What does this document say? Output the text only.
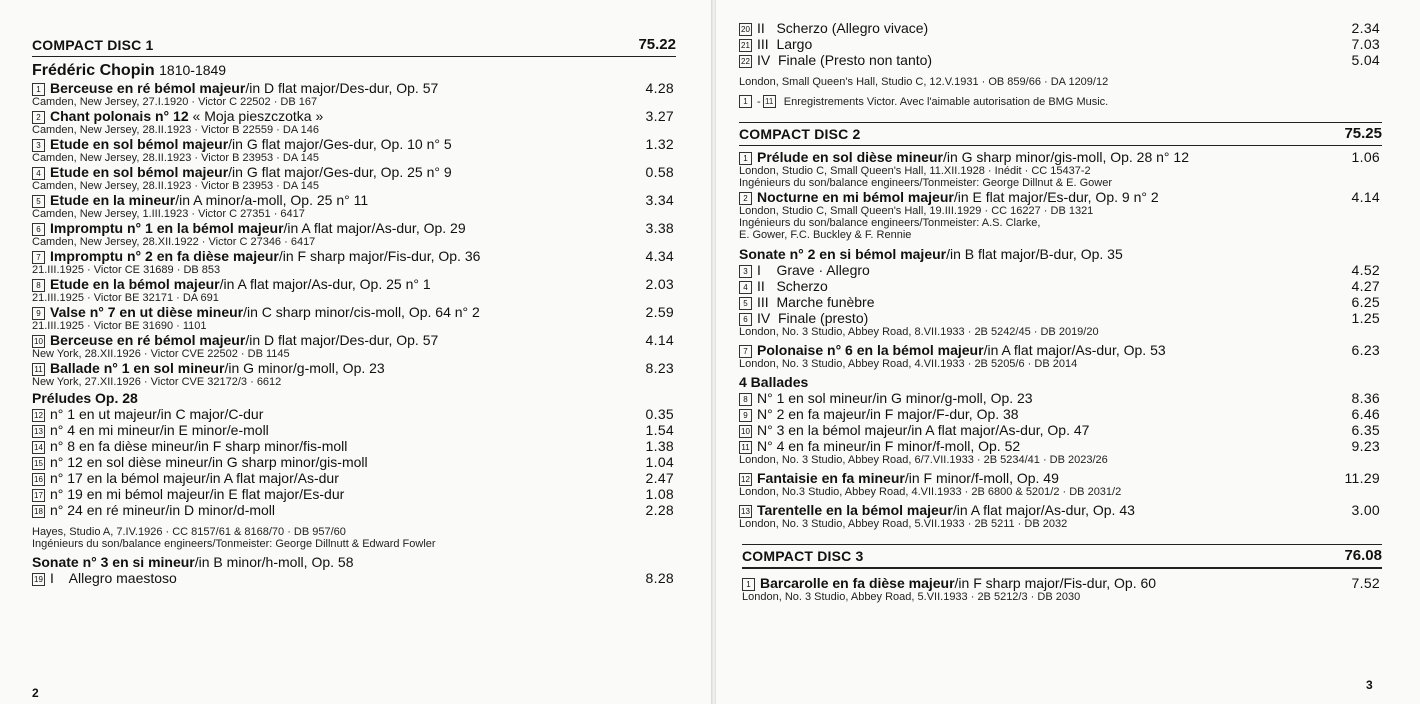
COMPACT DISC 1	75.22
Frédéric Chopin 1810-1849
1 Berceuse en ré bémol majeur/in D flat major/Des-dur, Op. 57	4.28
Camden, New Jersey, 27.I.1920 · Victor C 22502 · DB 167
2 Chant polonais n° 12 « Moja pieszczotka »	3.27
Camden, New Jersey, 28.II.1923 · Victor B 22559 · DA 146
3 Etude en sol bémol majeur/in G flat major/Ges-dur, Op. 10 n° 5	1.32
Camden, New Jersey, 28.II.1923 · Victor B 23953 · DA 145
4 Etude en sol bémol majeur/in G flat major/Ges-dur, Op. 25 n° 9	0.58
Camden, New Jersey, 28.II.1923 · Victor B 23953 · DA 145
5 Etude en la mineur/in A minor/a-moll, Op. 25 n° 11	3.34
Camden, New Jersey, 1.III.1923 · Victor C 27351 · 6417
6 Impromptu n° 1 en la bémol majeur/in A flat major/As-dur, Op. 29	3.38
Camden, New Jersey, 28.XII.1922 · Victor C 27346 · 6417
7 Impromptu n° 2 en fa dièse majeur/in F sharp major/Fis-dur, Op. 36	4.34
21.III.1925 · Victor CE 31689 · DB 853
8 Etude en la bémol majeur/in A flat major/As-dur, Op. 25 n° 1	2.03
21.III.1925 · Victor BE 32171 · DA 691
9 Valse n° 7 en ut dièse mineur/in C sharp minor/cis-moll, Op. 64 n° 2	2.59
21.III.1925 · Victor BE 31690 · 1101
10 Berceuse en ré bémol majeur/in D flat major/Des-dur, Op. 57	4.14
New York, 28.XII.1926 · Victor CVE 22502 · DB 1145
11 Ballade n° 1 en sol mineur/in G minor/g-moll, Op. 23	8.23
New York, 27.XII.1926 · Victor CVE 32172/3 · 6612
Préludes Op. 28
12 n° 1 en ut majeur/in C major/C-dur	0.35
13 n° 4 en mi mineur/in E minor/e-moll	1.54
14 n° 8 en fa dièse mineur/in F sharp minor/fis-moll	1.38
15 n° 12 en sol dièse mineur/in G sharp minor/gis-moll	1.04
16 n° 17 en la bémol majeur/in A flat major/As-dur	2.47
17 n° 19 en mi bémol majeur/in E flat major/Es-dur	1.08
18 n° 24 en ré mineur/in D minor/d-moll	2.28
Hayes, Studio A, 7.IV.1926 · CC 8157/61 & 8168/70 · DB 957/60
Ingénieurs du son/balance engineers/Tonmeister: George Dillnutt & Edward Fowler
Sonate n° 3 en si mineur/in B minor/h-moll, Op. 58
19 I    Allegro maestoso	8.28
2
20 II   Scherzo (Allegro vivace)	2.34
21 III  Largo	7.03
22 IV  Finale (Presto non tanto)	5.04
London, Small Queen's Hall, Studio C, 12.V.1931 · OB 859/66 · DA 1209/12
1 - 11 Enregistrements Victor. Avec l'aimable autorisation de BMG Music.
COMPACT DISC 2	75.25
1 Prélude en sol dièse mineur/in G sharp minor/gis-moll, Op. 28 n° 12	1.06
London, Studio C, Small Queen's Hall, 11.XII.1928 · Inédit · CC 15437-2
Ingénieurs du son/balance engineers/Tonmeister: George Dillnut & E. Gower
2 Nocturne en mi bémol majeur/in E flat major/Es-dur, Op. 9 n° 2	4.14
London, Studio C, Small Queen's Hall, 19.III.1929 · CC 16227 · DB 1321
Ingénieurs du son/balance engineers/Tonmeister: A.S. Clarke,
E. Gower, F.C. Buckley & F. Rennie
Sonate n° 2 en si bémol majeur/in B flat major/B-dur, Op. 35
3 I    Grave · Allegro	4.52
4 II   Scherzo	4.27
5 III  Marche funèbre	6.25
6 IV  Finale (presto)	1.25
London, No. 3 Studio, Abbey Road, 8.VII.1933 · 2B 5242/45 · DB 2019/20
7 Polonaise n° 6 en la bémol majeur/in A flat major/As-dur, Op. 53	6.23
London, No. 3 Studio, Abbey Road, 4.VII.1933 · 2B 5205/6 · DB 2014
4 Ballades
8 N° 1 en sol mineur/in G minor/g-moll, Op. 23	8.36
9 N° 2 en fa majeur/in F major/F-dur, Op. 38	6.46
10 N° 3 en la bémol majeur/in A flat major/As-dur, Op. 47	6.35
11 N° 4 en fa mineur/in F minor/f-moll, Op. 52	9.23
London, No. 3 Studio, Abbey Road, 6/7.VII.1933 · 2B 5234/41 · DB 2023/26
12 Fantaisie en fa mineur/in F minor/f-moll, Op. 49	11.29
London, No.3 Studio, Abbey Road, 4.VII.1933 · 2B 6800 & 5201/2 · DB 2031/2
13 Tarentelle en la bémol majeur/in A flat major/As-dur, Op. 43	3.00
London, No. 3 Studio, Abbey Road, 5.VII.1933 · 2B 5211 · DB 2032
COMPACT DISC 3	76.08
1 Barcarolle en fa dièse majeur/in F sharp major/Fis-dur, Op. 60	7.52
London, No. 3 Studio, Abbey Road, 5.VII.1933 · 2B 5212/3 · DB 2030
3
